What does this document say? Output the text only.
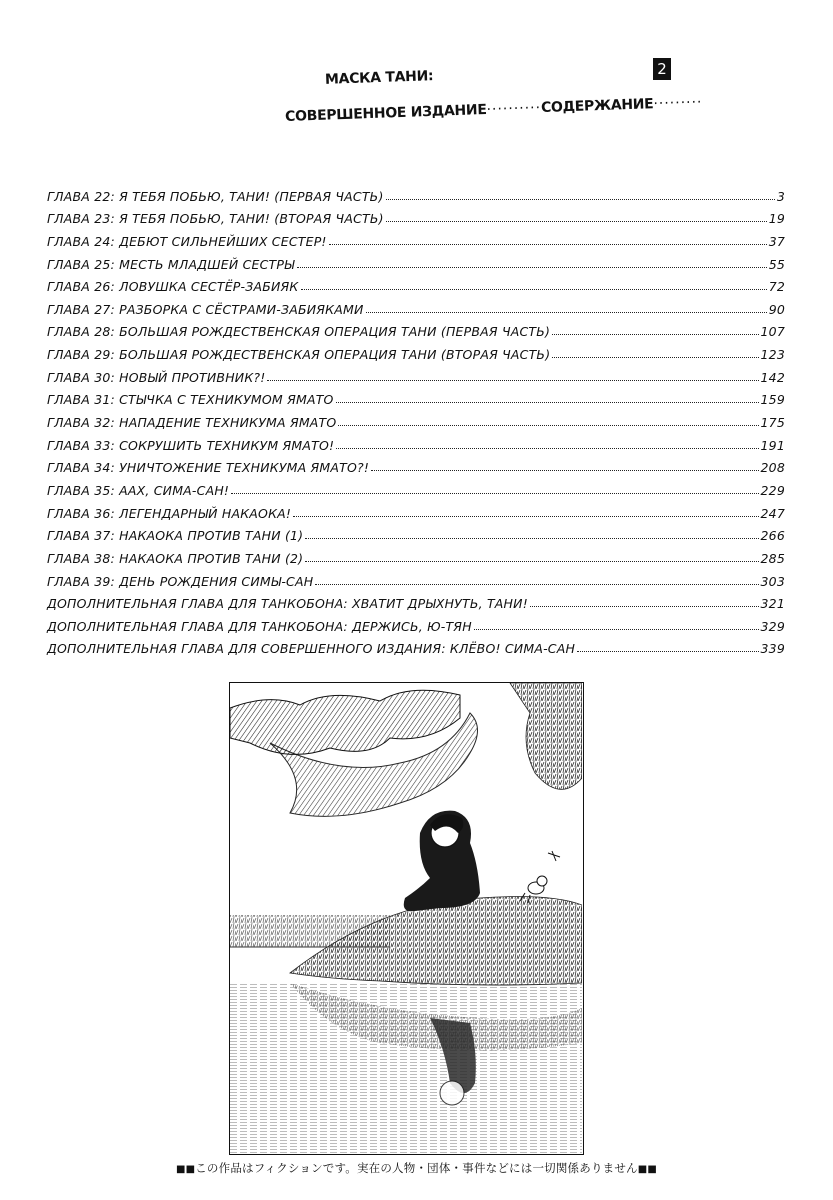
МАСКА ТАНИ:
СОВЕРШЕННОЕ ИЗДАНИЕ··········СОДЕРЖАНИЕ·········
2
ГЛАВА 22: Я ТЕБЯ ПОБЬЮ, ТАНИ! (ПЕРВАЯ ЧАСТЬ)	3
ГЛАВА 23: Я ТЕБЯ ПОБЬЮ, ТАНИ! (ВТОРАЯ ЧАСТЬ)	19
ГЛАВА 24: ДЕБЮТ СИЛЬНЕЙШИХ СЕСТЕР!	37
ГЛАВА 25: МЕСТЬ МЛАДШЕЙ СЕСТРЫ	55
ГЛАВА 26: ЛОВУШКА СЕСТЁР-ЗАБИЯК	72
ГЛАВА 27: РАЗБОРКА С СЁСТРАМИ-ЗАБИЯКАМИ	90
ГЛАВА 28: БОЛЬШАЯ РОЖДЕСТВЕНСКАЯ ОПЕРАЦИЯ ТАНИ (ПЕРВАЯ ЧАСТЬ)	107
ГЛАВА 29: БОЛЬШАЯ РОЖДЕСТВЕНСКАЯ ОПЕРАЦИЯ ТАНИ (ВТОРАЯ ЧАСТЬ)	123
ГЛАВА 30: НОВЫЙ ПРОТИВНИК?!	142
ГЛАВА 31: СТЫЧКА С ТЕХНИКУМОМ ЯМАТО	159
ГЛАВА 32: НАПАДЕНИЕ ТЕХНИКУМА ЯМАТО	175
ГЛАВА 33: СОКРУШИТЬ ТЕХНИКУМ ЯМАТО!	191
ГЛАВА 34: УНИЧТОЖЕНИЕ ТЕХНИКУМА ЯМАТО?!	208
ГЛАВА 35: ААХ, СИМА-САН!	229
ГЛАВА 36: ЛЕГЕНДАРНЫЙ НАКАОКА!	247
ГЛАВА 37: НАКАОКА ПРОТИВ ТАНИ (1)	266
ГЛАВА 38: НАКАОКА ПРОТИВ ТАНИ (2)	285
ГЛАВА 39: ДЕНЬ РОЖДЕНИЯ СИМЫ-САН	303
ДОПОЛНИТЕЛЬНАЯ ГЛАВА ДЛЯ ТАНКОБОНА: ХВАТИТ ДРЫХНУТЬ, ТАНИ!	321
ДОПОЛНИТЕЛЬНАЯ ГЛАВА ДЛЯ ТАНКОБОНА: ДЕРЖИСЬ, Ю-ТЯН	329
ДОПОЛНИТЕЛЬНАЯ ГЛАВА ДЛЯ СОВЕРШЕННОГО ИЗДАНИЯ: КЛЁВО! СИМА-САН	339
■■この作品はフィクションです。実在の人物・団体・事件などには一切関係ありません■■
